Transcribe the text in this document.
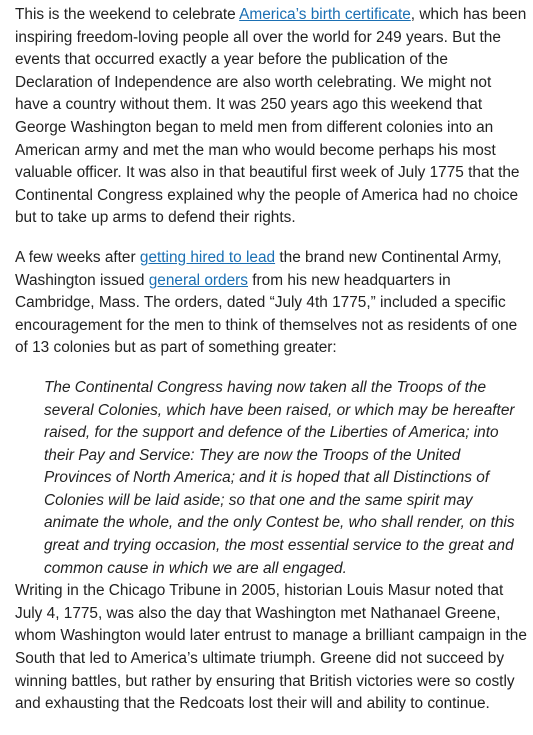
This is the weekend to celebrate America’s birth certificate, which has been inspiring freedom-loving people all over the world for 249 years. But the events that occurred exactly a year before the publication of the Declaration of Independence are also worth celebrating. We might not have a country without them. It was 250 years ago this weekend that George Washington began to meld men from different colonies into an American army and met the man who would become perhaps his most valuable officer. It was also in that beautiful first week of July 1775 that the Continental Congress explained why the people of America had no choice but to take up arms to defend their rights.

A few weeks after getting hired to lead the brand new Continental Army, Washington issued general orders from his new headquarters in Cambridge, Mass. The orders, dated “July 4th 1775,” included a specific encouragement for the men to think of themselves not as residents of one of 13 colonies but as part of something greater:

The Continental Congress having now taken all the Troops of the several Colonies, which have been raised, or which may be hereafter raised, for the support and defence of the Liberties of America; into their Pay and Service: They are now the Troops of the United Provinces of North America; and it is hoped that all Distinctions of Colonies will be laid aside; so that one and the same spirit may animate the whole, and the only Contest be, who shall render, on this great and trying occasion, the most essential service to the great and common cause in which we are all engaged.

Writing in the Chicago Tribune in 2005, historian Louis Masur noted that July 4, 1775, was also the day that Washington met Nathanael Greene, whom Washington would later entrust to manage a brilliant campaign in the South that led to America’s ultimate triumph. Greene did not succeed by winning battles, but rather by ensuring that British victories were so costly and exhausting that the Redcoats lost their will and ability to continue.
